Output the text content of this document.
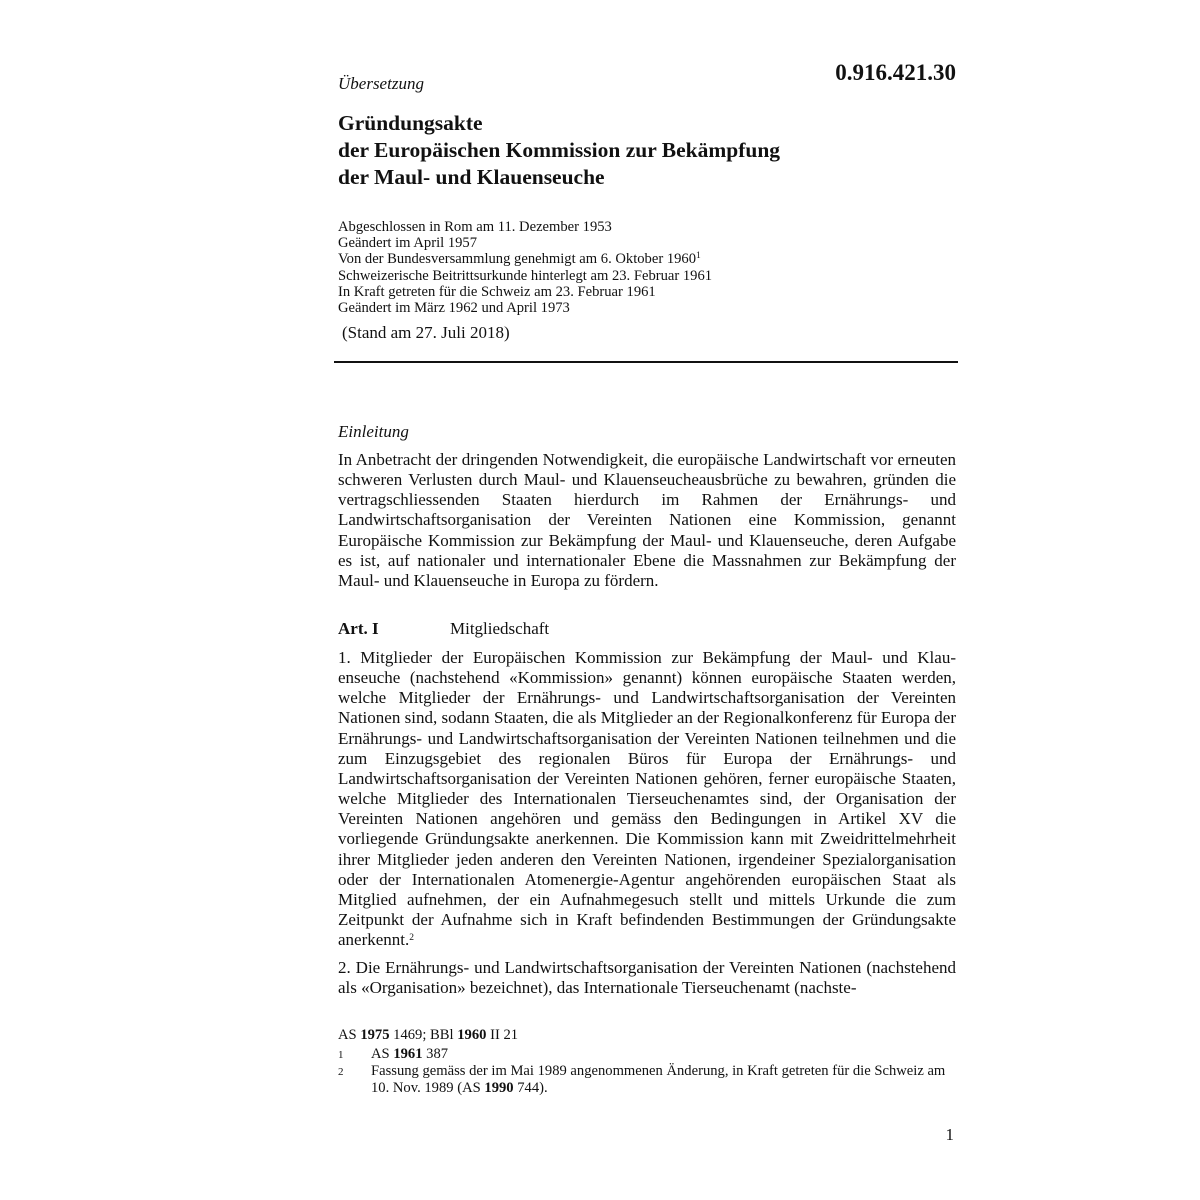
Übersetzung	0.916.421.30

Gründungsakte
der Europäischen Kommission zur Bekämpfung
der Maul- und Klauenseuche
Abgeschlossen in Rom am 11. Dezember 1953
Geändert im April 1957
Von der Bundesversammlung genehmigt am 6. Oktober 1960$^1$
Schweizerische Beitrittsurkunde hinterlegt am 23. Februar 1961
In Kraft getreten für die Schweiz am 23. Februar 1961
Geändert im März 1962 und April 1973

(Stand am 27. Juli 2018)

Einleitung

In Anbetracht der dringenden Notwendigkeit, die europäische Landwirtschaft vor erneuten schweren Verlusten durch Maul- und Klauenseucheausbrüche zu bewahren, gründen die vertragschliessenden Staaten hierdurch im Rahmen der Ernährungs- und Landwirtschaftsorganisation der Vereinten Nationen eine Kommission, genannt Europäische Kommission zur Bekämpfung der Maul- und Klauenseuche, deren Aufgabe es ist, auf nationaler und internationaler Ebene die Massnahmen zur Bekämpfung der Maul- und Klauenseuche in Europa zu fördern.

Art. I	Mitgliedschaft

1. Mitglieder der Europäischen Kommission zur Bekämpfung der Maul- und Klauenseuche (nachstehend «Kommission» genannt) können europäische Staaten werden, welche Mitglieder der Ernährungs- und Landwirtschaftsorganisation der Vereinten Nationen sind, sodann Staaten, die als Mitglieder an der Regionalkonferenz für Europa der Ernährungs- und Landwirtschaftsorganisation der Vereinten Nationen teilnehmen und die zum Einzugsgebiet des regionalen Büros für Europa der Ernährungs- und Landwirtschaftsorganisation der Vereinten Nationen gehören, ferner europäische Staaten, welche Mitglieder des Internationalen Tierseuchenamtes sind, der Organisation der Vereinten Nationen angehören und gemäss den Bedingungen in Artikel XV die vorliegende Gründungsakte anerkennen. Die Kommission kann mit Zweidrittelmehrheit ihrer Mitglieder jeden anderen den Vereinten Nationen, irgendeiner Spezialorganisation oder der Internationalen Atomenergie-Agentur angehörenden europäischen Staat als Mitglied aufnehmen, der ein Aufnahmegesuch stellt und mittels Urkunde die zum Zeitpunkt der Aufnahme sich in Kraft befindenden Bestimmungen der Gründungsakte anerkennt.$^2$

2. Die Ernährungs- und Landwirtschaftsorganisation der Vereinten Nationen (nachstehend als «Organisation» bezeichnet), das Internationale Tierseuchenamt (nachste-

AS 1975 1469; BBl 1960 II 21
1	AS 1961 387
2	Fassung gemäss der im Mai 1989 angenommenen Änderung, in Kraft getreten für die Schweiz am 10. Nov. 1989 (AS 1990 744).

1
